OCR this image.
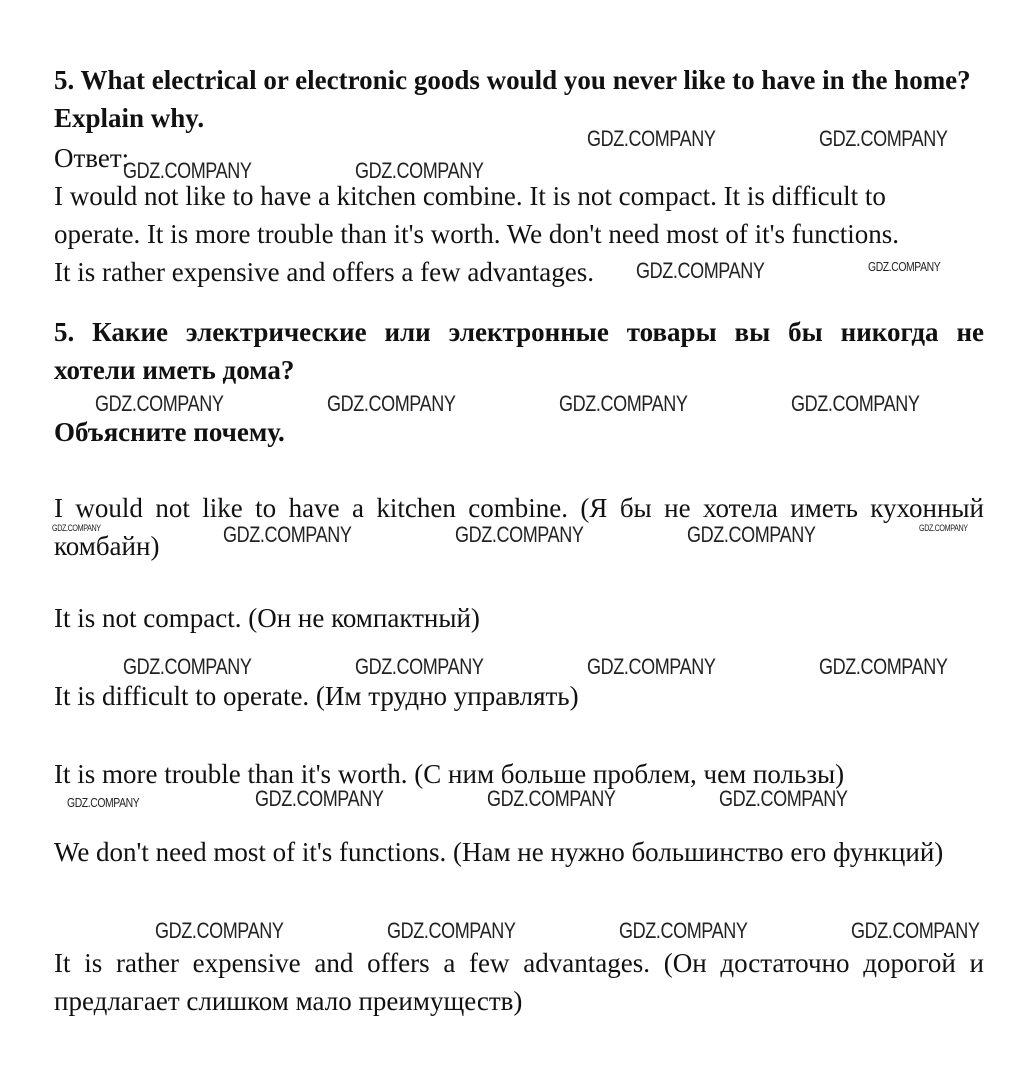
5. What electrical or electronic goods would you never like to have in the home? Explain why.
Ответ:
I would not like to have a kitchen combine. It is not compact. It is difficult to
operate. It is more trouble than it's worth. We don't need most of it's functions.
It is rather expensive and offers a few advantages.
5. Какие электрические или электронные товары вы бы никогда не
хотели иметь дома?
Объясните почему.
I would not like to have a kitchen combine. (Я бы не хотела иметь кухонный комбайн)
It is not compact. (Он не компактный)
It is difficult to operate. (Им трудно управлять)
It is more trouble than it's worth. (С ним больше проблем, чем пользы)
We don't need most of it's functions. (Нам не нужно большинство его функций)
It is rather expensive and offers a few advantages. (Он достаточно дорогой и предлагает слишком мало преимуществ)
GDZ.COMPANY	GDZ.COMPANY
GDZ.COMPANY	GDZ.COMPANY
GDZ.COMPANY	GDZ.COMPANY
GDZ.COMPANY	GDZ.COMPANY	GDZ.COMPANY	GDZ.COMPANY
GDZ.COMPANY	GDZ.COMPANY	GDZ.COMPANY	GDZ.COMPANY	GDZ.COMPANY
GDZ.COMPANY	GDZ.COMPANY	GDZ.COMPANY	GDZ.COMPANY
GDZ.COMPANY	GDZ.COMPANY	GDZ.COMPANY	GDZ.COMPANY
GDZ.COMPANY	GDZ.COMPANY	GDZ.COMPANY	GDZ.COMPANY
